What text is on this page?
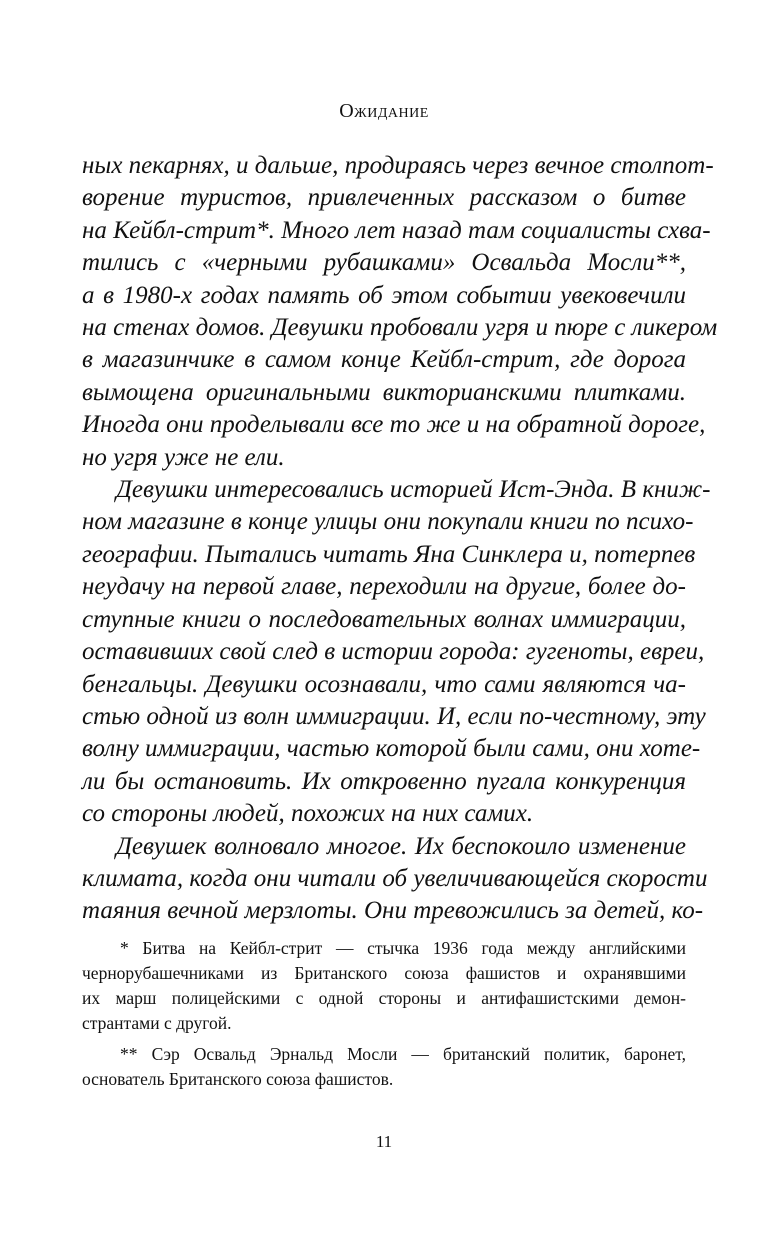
Ожидание

ных пекарнях, и дальше, продираясь через вечное столпот-
ворение туристов, привлеченных рассказом о битве
на Кейбл-стрит*. Много лет назад там социалисты схва-
тились с «черными рубашками» Освальда Мосли**,
а в 1980-х годах память об этом событии увековечили
на стенах домов. Девушки пробовали угря и пюре с ликером
в магазинчике в самом конце Кейбл-стрит, где дорога
вымощена оригинальными викторианскими плитками.
Иногда они проделывали все то же и на обратной дороге,
но угря уже не ели.

Девушки интересовались историей Ист-Энда. В книж-
ном магазине в конце улицы они покупали книги по психо-
географии. Пытались читать Яна Синклера и, потерпев
неудачу на первой главе, переходили на другие, более до-
ступные книги о последовательных волнах иммиграции,
оставивших свой след в истории города: гугеноты, евреи,
бенгальцы. Девушки осознавали, что сами являются ча-
стью одной из волн иммиграции. И, если по-честному, эту
волну иммиграции, частью которой были сами, они хоте-
ли бы остановить. Их откровенно пугала конкуренция
со стороны людей, похожих на них самих.

Девушек волновало многое. Их беспокоило изменение
климата, когда они читали об увеличивающейся скорости
таяния вечной мерзлоты. Они тревожились за детей, ко-

* Битва на Кейбл-стрит — стычка 1936 года между английскими
чернорубашечниками из Британского союза фашистов и охранявшими
их марш полицейскими с одной стороны и антифашистскими демон-
странтами с другой.

** Сэр Освальд Эрнальд Мосли — британский политик, баронет,
основатель Британского союза фашистов.

11
